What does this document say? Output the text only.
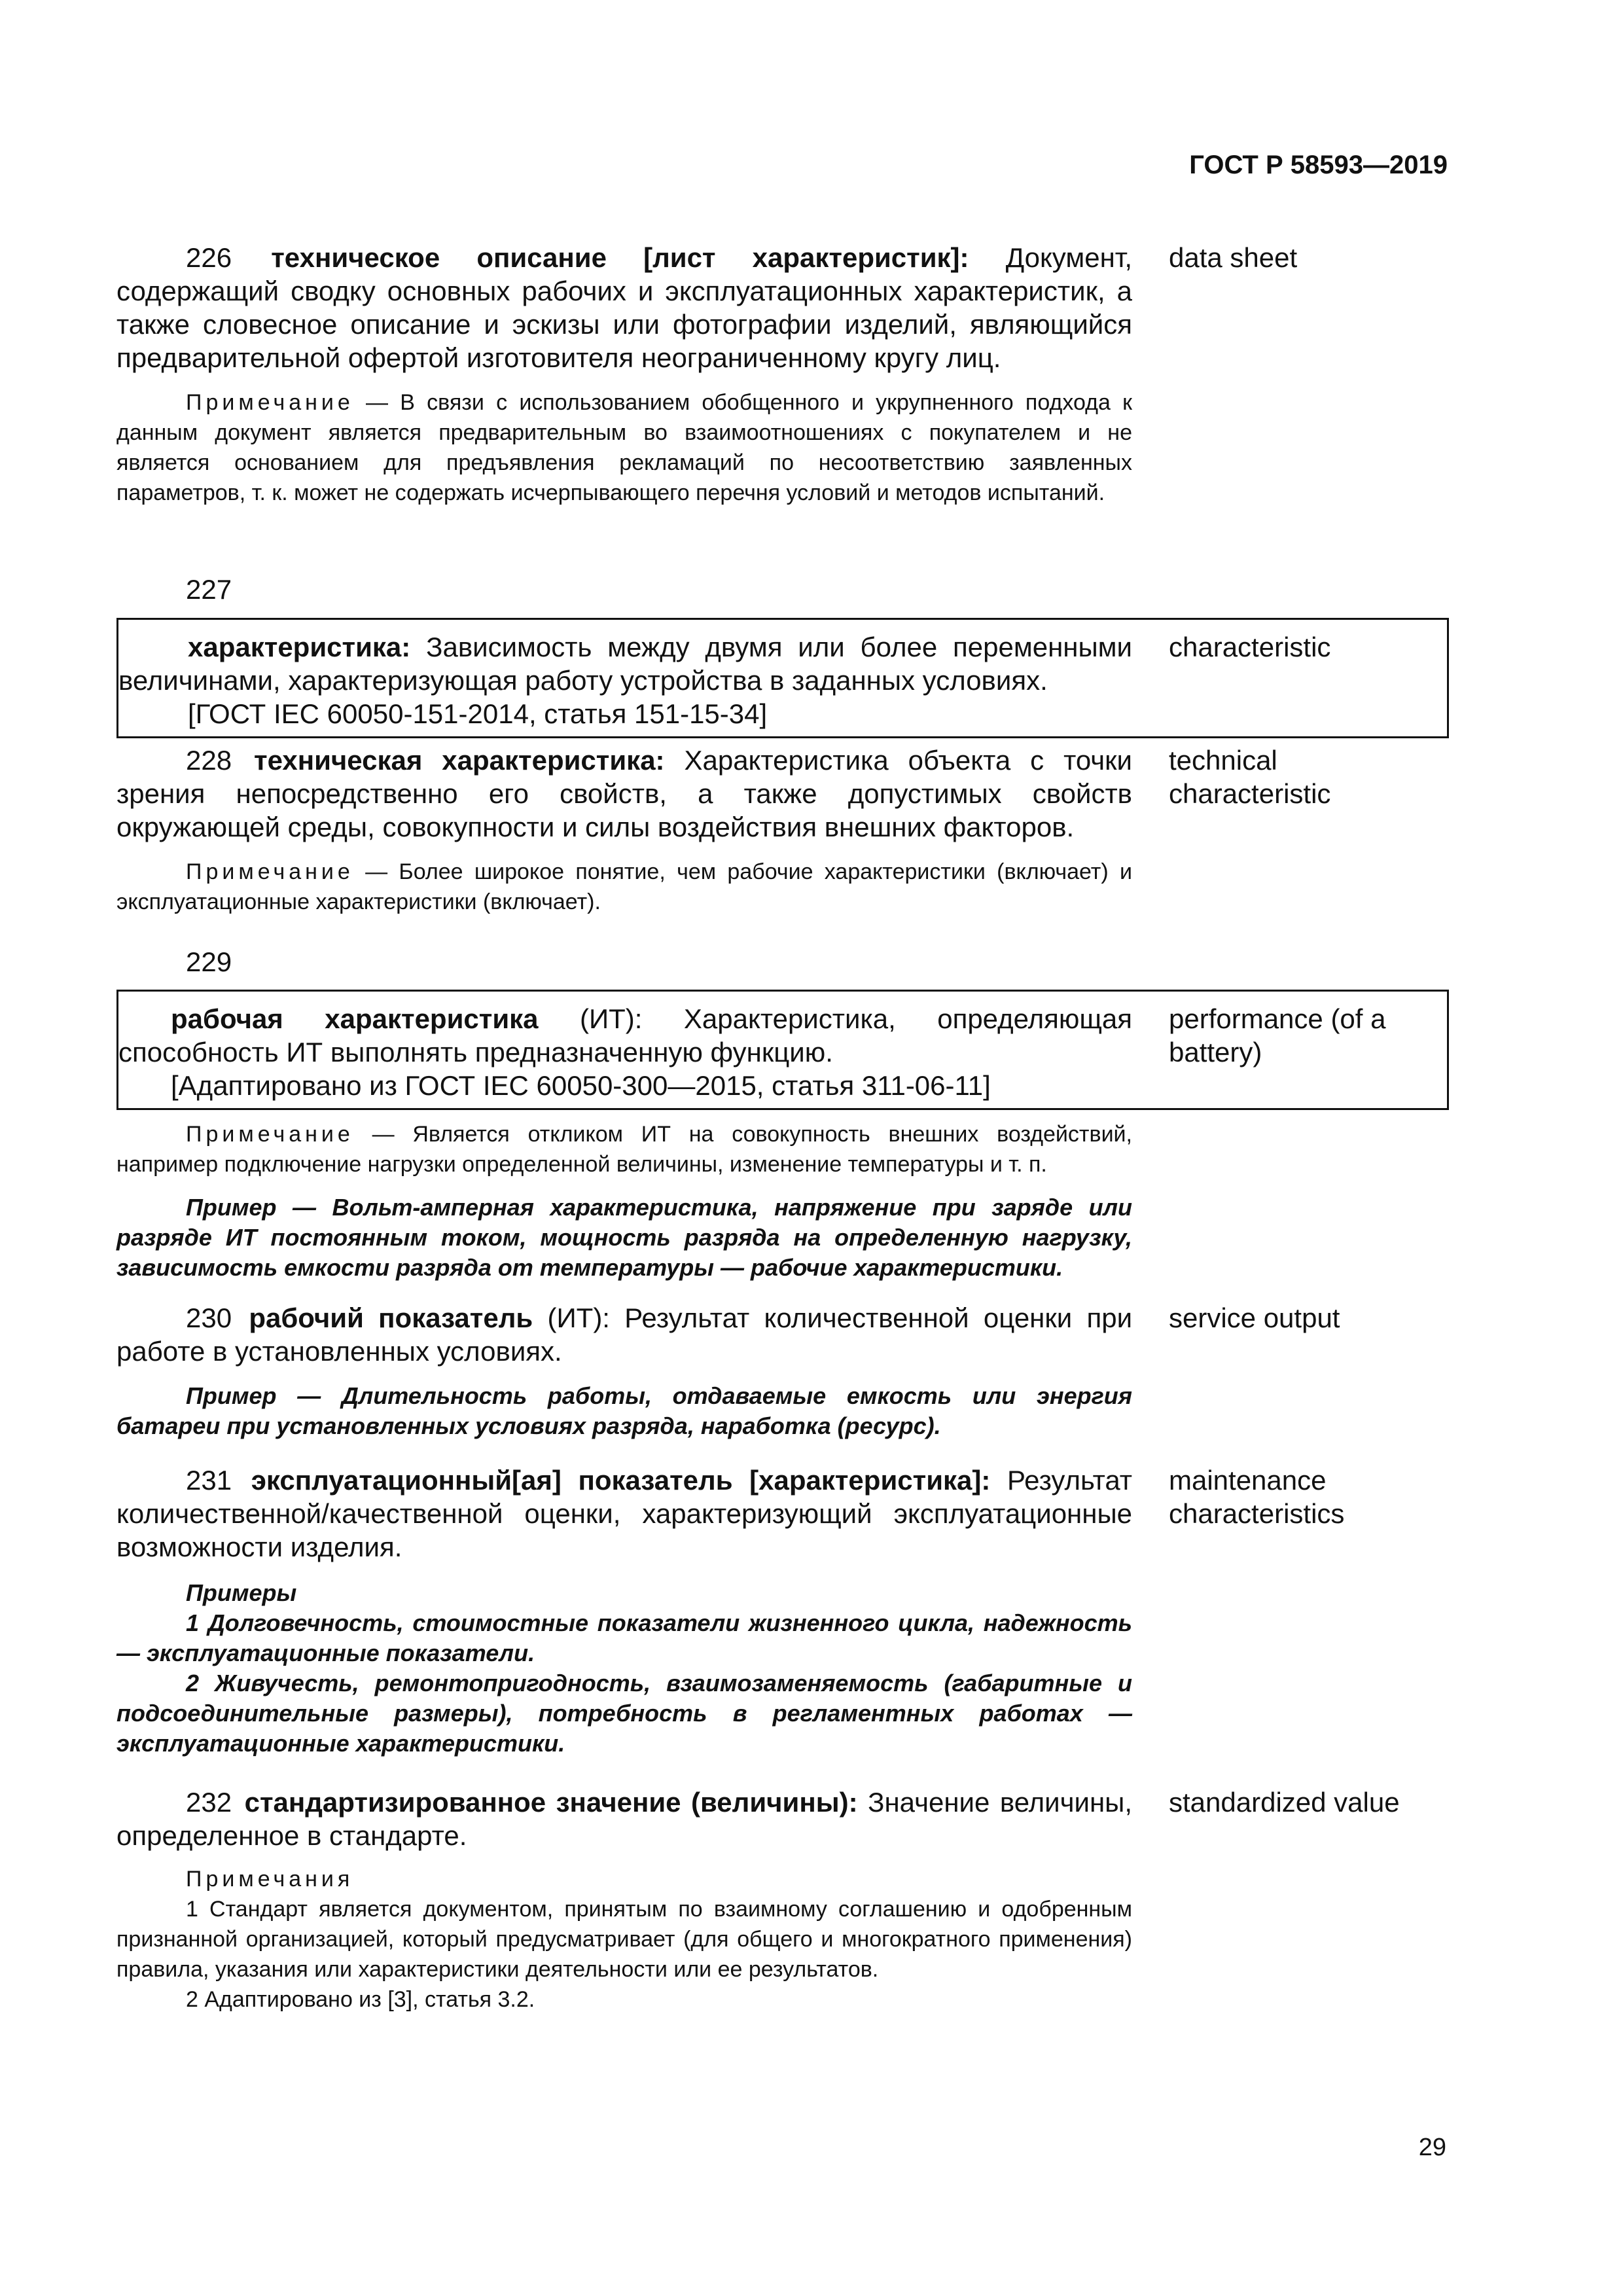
ГОСТ Р 58593—2019

226 техническое описание [лист характеристик]: Документ, содержащий сводку основных рабочих и эксплуатационных характеристик, а также словесное описание и эскизы или фотографии изделий, являющийся предварительной офертой изготовителя неограниченному кругу лиц.

Примечание — В связи с использованием обобщенного и укрупненного подхода к данным документ является предварительным во взаимоотношениях с покупателем и не является основанием для предъявления рекламаций по несоответствию заявленных параметров, т. к. может не содержать исчерпывающего перечня условий и методов испытаний.

data sheet
227

характеристика: Зависимость между двумя или более переменными величинами, характеризующая работу устройства в заданных условиях.

[ГОСТ IEC 60050-151-2014, статья 151-15-34]

characteristic

228 техническая характеристика: Характеристика объекта с точки зрения непосредственно его свойств, а также допустимых свойств окружающей среды, совокупности и силы воздействия внешних факторов.

Примечание — Более широкое понятие, чем рабочие характеристики (включает) и эксплуатационные характеристики (включает).

technical characteristic
229

рабочая характеристика (ИТ): Характеристика, определяющая способность ИТ выполнять предназначенную функцию.

[Адаптировано из ГОСТ IEC 60050-300—2015, статья 311-06-11]

performance (of a battery)

Примечание — Является откликом ИТ на совокупность внешних воздействий, например подключение нагрузки определенной величины, изменение температуры и т. п.

Пример — Вольт-амперная характеристика, напряжение при заряде или разряде ИТ постоянным током, мощность разряда на определенную нагрузку, зависимость емкости разряда от температуры — рабочие характеристики.

230 рабочий показатель (ИТ): Результат количественной оценки при работе в установленных условиях.

Пример — Длительность работы, отдаваемые емкость или энергия батареи при установленных условиях разряда, наработка (ресурс).

service output

231 эксплуатационный[ая] показатель [характеристика]: Результат количественной/качественной оценки, характеризующий эксплуатационные возможности изделия.

Примеры

1 Долговечность, стоимостные показатели жизненного цикла, надежность — эксплуатационные показатели.

2 Живучесть, ремонтопригодность, взаимозаменяемость (габаритные и подсоединительные размеры), потребность в регламентных работах — эксплуатационные характеристики.

maintenance characteristics

232 стандартизированное значение (величины): Значение величины, определенное в стандарте.

Примечания

1 Стандарт является документом, принятым по взаимному соглашению и одобренным признанной организацией, который предусматривает (для общего и многократного применения) правила, указания или характеристики деятельности или ее результатов.

2 Адаптировано из [3], статья 3.2.

standardized value
29
